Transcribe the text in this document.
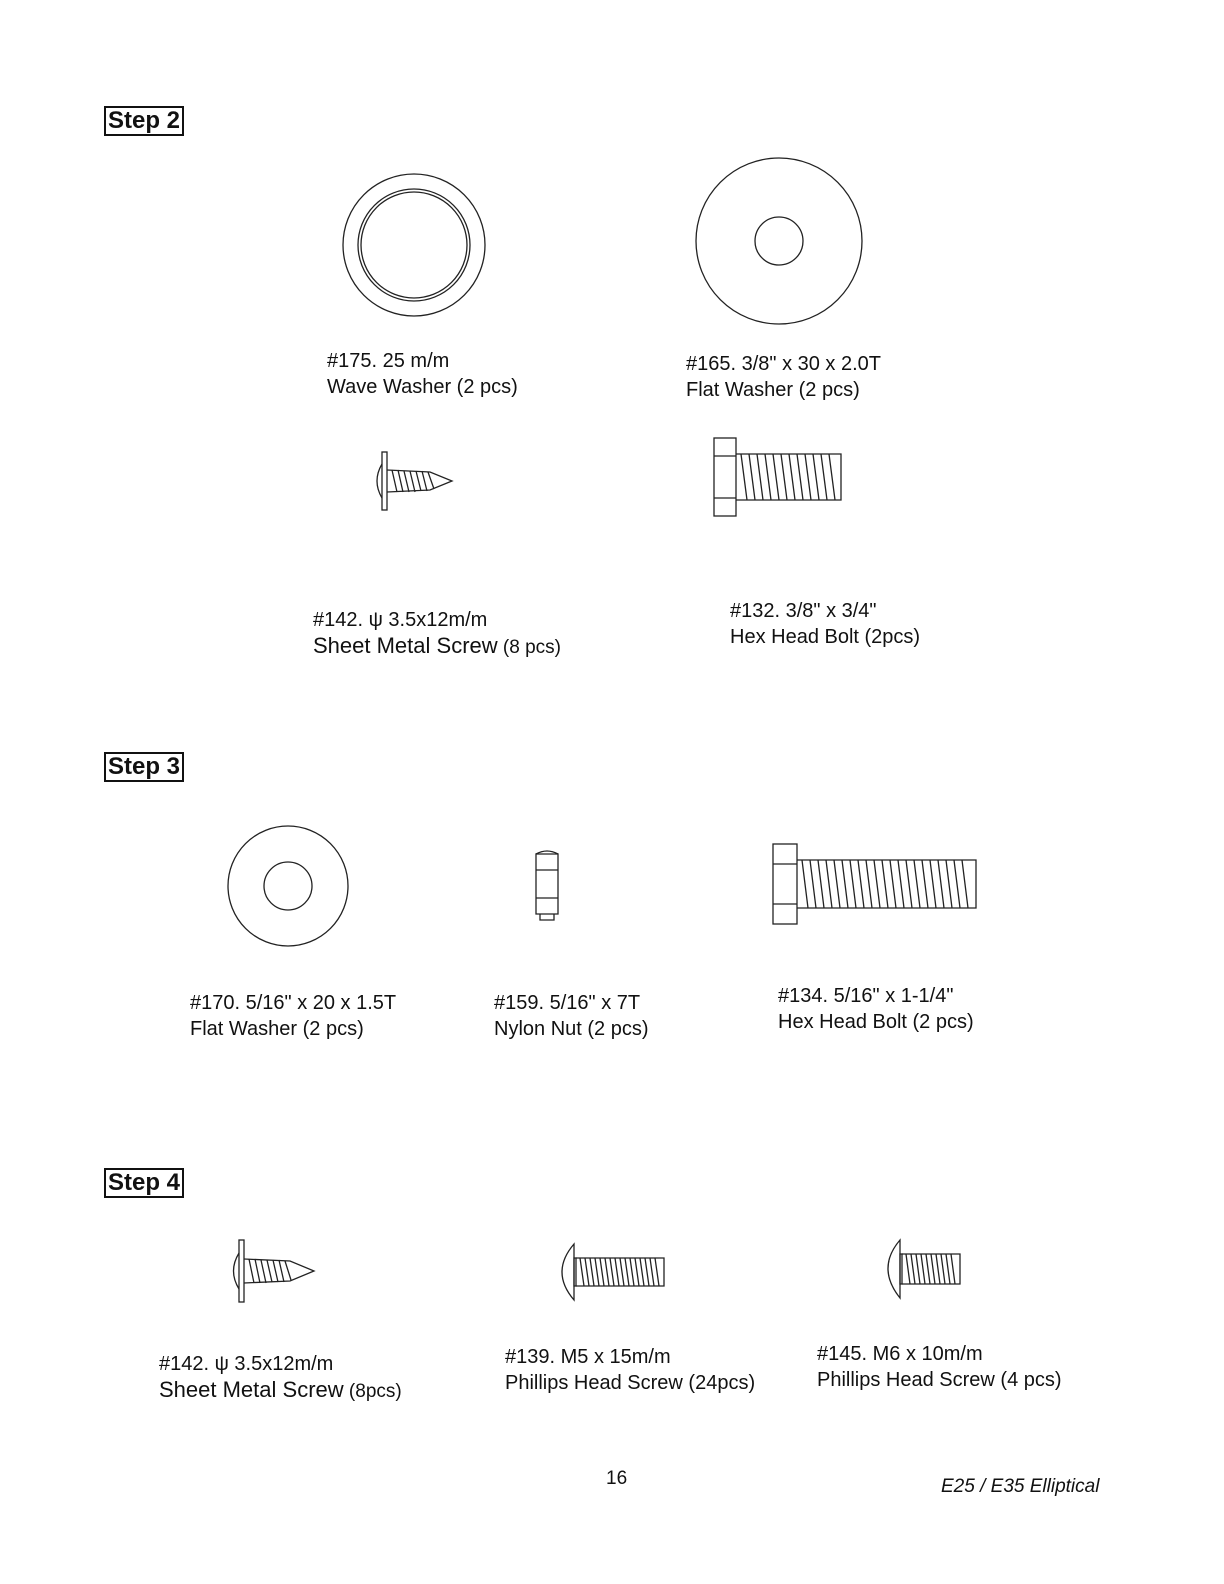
Step 2
#175. 25 m/m
Wave Washer (2 pcs)
#165. 3/8" x 30 x 2.0T
Flat Washer (2 pcs)
#142. ψ 3.5x12m/m
Sheet Metal Screw (8 pcs)
#132. 3/8" x 3/4"
Hex Head Bolt (2pcs)
Step 3
#170. 5/16" x 20 x 1.5T
Flat Washer (2 pcs)
#159. 5/16" x 7T
Nylon Nut (2 pcs)
#134. 5/16" x 1-1/4"
Hex Head Bolt (2 pcs)
Step 4
#142. ψ 3.5x12m/m
Sheet Metal Screw (8pcs)
#139. M5 x 15m/m
Phillips Head Screw (24pcs)
#145. M6 x 10m/m
Phillips Head Screw (4 pcs)
16	E25 / E35 Elliptical
